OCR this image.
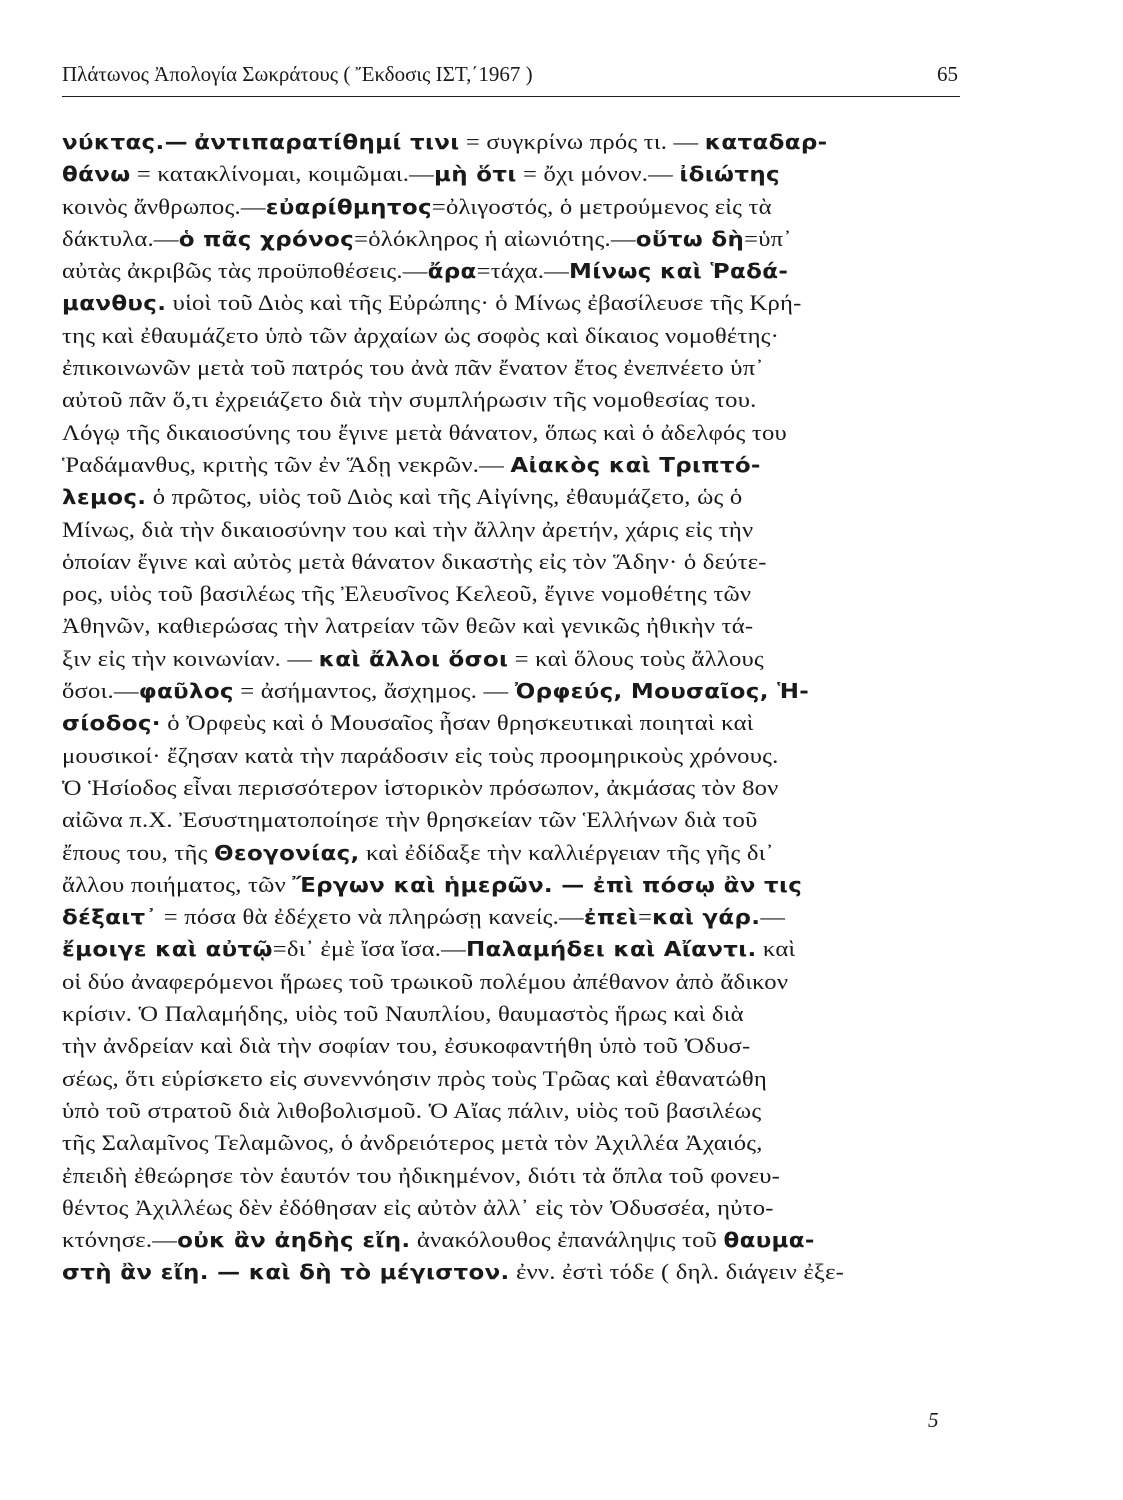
Πλάτωνος Ἀπολογία Σωκράτους ( Ἔκδοσις ΙΣΤ,΄1967 )	65
νύκτας.— ἀντιπαρατίθημί τινι = συγκρίνω πρός τι. — καταδαρ-
θάνω = κατακλίνομαι, κοιμῶμαι.—μὴ ὅτι = ὄχι μόνον.— ἰδιώτης
κοινὸς ἄνθρωπος.—εὐαρίθμητος=ὀλιγοστός, ὁ μετρούμενος εἰς τὰ
δάκτυλα.—ὁ πᾶς χρόνος=ὁλόκληρος ἡ αἰωνιότης.—οὕτω δὴ=ὑπ᾽
αὐτὰς ἀκριβῶς τὰς προϋποθέσεις.—ἄρα=τάχα.—Μίνως καὶ Ῥαδά-
μανθυς. υἱοὶ τοῦ Διὸς καὶ τῆς Εὐρώπης· ὁ Μίνως ἐβασίλευσε τῆς Κρή-
της καὶ ἐθαυμάζετο ὑπὸ τῶν ἀρχαίων ὡς σοφὸς καὶ δίκαιος νομοθέτης·
ἐπικοινωνῶν μετὰ τοῦ πατρός του ἀνὰ πᾶν ἔνατον ἔτος ἐνεπνέετο ὑπ᾽
αὐτοῦ πᾶν ὅ,τι ἐχρειάζετο διὰ τὴν συμπλήρωσιν τῆς νομοθεσίας του.
Λόγῳ τῆς δικαιοσύνης του ἔγινε μετὰ θάνατον, ὅπως καὶ ὁ ἀδελφός του
Ῥαδάμανθυς, κριτὴς τῶν ἐν Ἅδῃ νεκρῶν.— Αἰακὸς καὶ Τριπτό-
λεμος. ὁ πρῶτος, υἱὸς τοῦ Διὸς καὶ τῆς Αἰγίνης, ἐθαυμάζετο, ὡς ὁ
Μίνως, διὰ τὴν δικαιοσύνην του καὶ τὴν ἄλλην ἀρετήν, χάρις εἰς τὴν
ὁποίαν ἔγινε καὶ αὐτὸς μετὰ θάνατον δικαστὴς εἰς τὸν Ἅδην· ὁ δεύτε-
ρος, υἱὸς τοῦ βασιλέως τῆς Ἐλευσῖνος Κελεοῦ, ἔγινε νομοθέτης τῶν
Ἀθηνῶν, καθιερώσας τὴν λατρείαν τῶν θεῶν καὶ γενικῶς ἠθικὴν τά-
ξιν εἰς τὴν κοινωνίαν. — καὶ ἄλλοι ὅσοι = καὶ ὅλους τοὺς ἄλλους
ὅσοι.—φαῦλος = ἀσήμαντος, ἄσχημος. — Ὀρφεύς, Μουσαῖος, Ἡ-
σίοδος· ὁ Ὀρφεὺς καὶ ὁ Μουσαῖος ἦσαν θρησκευτικαὶ ποιηταὶ καὶ
μουσικοί· ἔζησαν κατὰ τὴν παράδοσιν εἰς τοὺς προομηρικοὺς χρόνους.
Ὁ Ἡσίοδος εἶναι περισσότερον ἱστορικὸν πρόσωπον, ἀκμάσας τὸν 8ον
αἰῶνα π.Χ. Ἐσυστηματοποίησε τὴν θρησκείαν τῶν Ἑλλήνων διὰ τοῦ
ἔπους του, τῆς Θεογονίας, καὶ ἐδίδαξε τὴν καλλιέργειαν τῆς γῆς δι᾽
ἄλλου ποιήματος, τῶν Ἔργων καὶ ἡμερῶν. — ἐπὶ πόσῳ ἂν τις
δέξαιτ᾽ = πόσα θὰ ἐδέχετο νὰ πληρώσῃ κανείς.—ἐπεὶ=καὶ γάρ.—
ἔμοιγε καὶ αὐτῷ=δι᾽ ἐμὲ ἴσα ἴσα.—Παλαμήδει καὶ Αἴαντι. καὶ
οἱ δύο ἀναφερόμενοι ἥρωες τοῦ τρωικοῦ πολέμου ἀπέθανον ἀπὸ ἄδικον
κρίσιν. Ὁ Παλαμήδης, υἱὸς τοῦ Ναυπλίου, θαυμαστὸς ἥρως καὶ διὰ
τὴν ἀνδρείαν καὶ διὰ τὴν σοφίαν του, ἐσυκοφαντήθη ὑπὸ τοῦ Ὀδυσ-
σέως, ὅτι εὑρίσκετο εἰς συνεννόησιν πρὸς τοὺς Τρῶας καὶ ἐθανατώθη
ὑπὸ τοῦ στρατοῦ διὰ λιθοβολισμοῦ. Ὁ Αἴας πάλιν, υἱὸς τοῦ βασιλέως
τῆς Σαλαμῖνος Τελαμῶνος, ὁ ἀνδρειότερος μετὰ τὸν Ἀχιλλέα Ἀχαιός,
ἐπειδὴ ἐθεώρησε τὸν ἑαυτόν του ἠδικημένον, διότι τὰ ὅπλα τοῦ φονευ-
θέντος Ἀχιλλέως δὲν ἐδόθησαν εἰς αὐτὸν ἀλλ᾽ εἰς τὸν Ὀδυσσέα, ηὐτο-
κτόνησε.—οὐκ ἂν ἀηδὴς εἴη. ἀνακόλουθος ἐπανάληψις τοῦ θαυμα-
στὴ ἂν εἴη. — καὶ δὴ τὸ μέγιστον. ἐνν. ἐστὶ τόδε ( δηλ. διάγειν ἐξε-
5
